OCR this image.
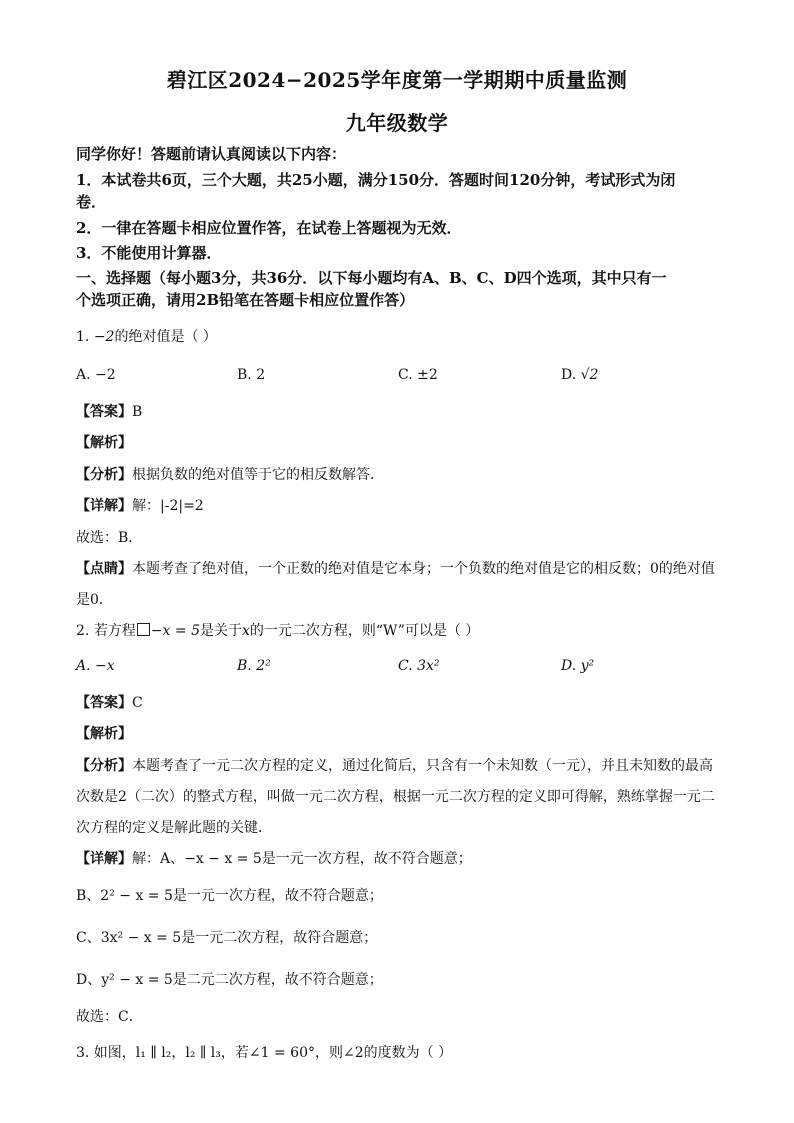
碧江区2024−2025学年度第一学期期中质量监测
九年级数学
同学你好！答题前请认真阅读以下内容：
1．本试卷共6页，三个大题，共25小题，满分150分．答题时间120分钟，考试形式为闭
卷．
2．一律在答题卡相应位置作答，在试卷上答题视为无效．
3．不能使用计算器．
一、选择题（每小题3分，共36分．以下每小题均有A、B、C、D四个选项，其中只有一
个选项正确，请用2B铅笔在答题卡相应位置作答）
1. −2的绝对值是（ ）
A. −2	B. 2	C. ±2	D. √2
【答案】B
【解析】
【分析】根据负数的绝对值等于它的相反数解答．
【详解】解：|-2|=2
故选：B．
【点睛】本题考查了绝对值，一个正数的绝对值是它本身；一个负数的绝对值是它的相反数；0的绝对值
是0．
2. 若方程 −x = 5是关于x的一元二次方程，则“W”可以是（ ）
A. −x	B. 2²	C. 3x²	D. y²
【答案】C
【解析】
【分析】本题考查了一元二次方程的定义，通过化简后，只含有一个未知数（一元），并且未知数的最高
次数是2（二次）的整式方程，叫做一元二次方程，根据一元二次方程的定义即可得解，熟练掌握一元二
次方程的定义是解此题的关键．
【详解】解：A、−x − x = 5是一元一次方程，故不符合题意；
B、2² − x = 5是一元一次方程，故不符合题意；
C、3x² − x = 5是一元二次方程，故符合题意；
D、y² − x = 5是二元二次方程，故不符合题意；
故选：C．
3. 如图，l₁ ∥ l₂，l₂ ∥ l₃，若∠1 = 60°，则∠2的度数为（ ）
